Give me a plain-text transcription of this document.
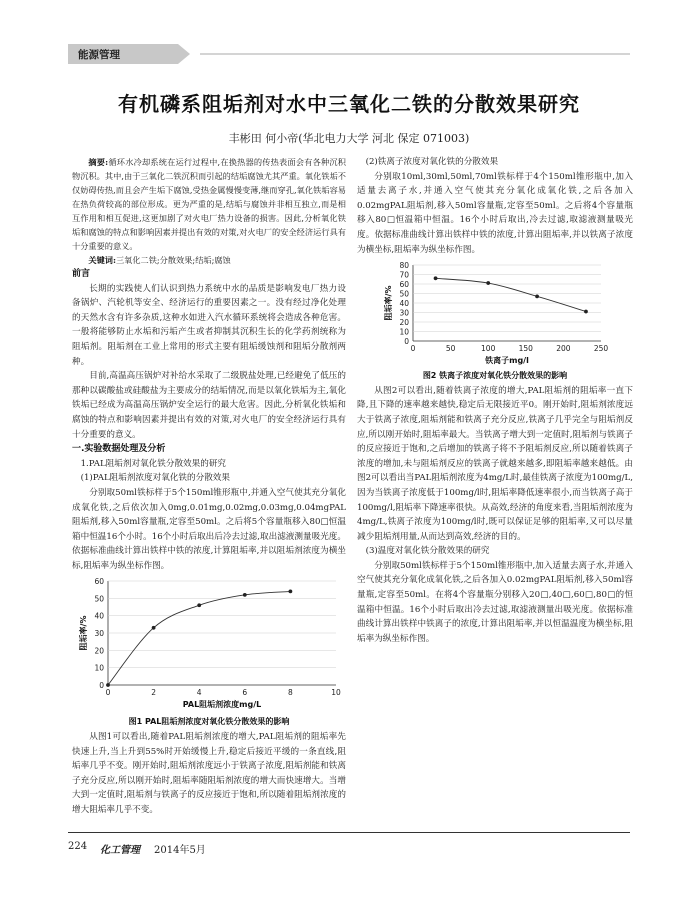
能源管理
有机磷系阻垢剂对水中三氧化二铁的分散效果研究
丰彬田 何小帝(华北电力大学 河北 保定 071003)

摘要:循环水冷却系统在运行过程中,在换热器的传热表面会有各种沉积物沉积。其中,由于三氧化二铁沉积而引起的结垢腐蚀尤其严重。氧化铁垢不仅妨碍传热,而且会产生垢下腐蚀,受热金属慢慢变薄,继而穿孔,氧化铁垢容易在热负荷较高的部位形成。更为严重的是,结垢与腐蚀并非相互独立,而是相互作用和相互促进,这更加剧了对火电厂热力设备的损害。因此,分析氧化铁垢和腐蚀的特点和影响因素并提出有效的对策,对火电厂的安全经济运行具有十分重要的意义。

关键词:三氧化二铁;分散效果;结垢;腐蚀

前言

长期的实践使人们认识到热力系统中水的品质是影响发电厂热力设备锅炉、汽轮机等安全、经济运行的重要因素之一。没有经过净化处理的天然水含有许多杂质,这种水如进入汽水循环系统将会造成各种危害。一般将能够防止水垢和污垢产生或者抑制其沉积生长的化学药剂统称为阻垢剂。阻垢剂在工业上常用的形式主要有阻垢缓蚀剂和阻垢分散剂两种。

目前,高温高压锅炉对补给水采取了二级脱盐处理,已经避免了低压的那种以碳酸盐或硅酸盐为主要成分的结垢情况,而是以氧化铁垢为主,氧化铁垢已经成为高温高压锅炉安全运行的最大危害。因此,分析氧化铁垢和腐蚀的特点和影响因素并提出有效的对策,对火电厂的安全经济运行具有十分重要的意义。

一.实验数据处理及分析

1.PAL阻垢剂对氧化铁分散效果的研究

(1)PAL阻垢剂浓度对氧化铁的分散效果

分别取50ml铁标样于5个150ml锥形瓶中,并通入空气使其充分氧化成氧化铁,之后依次加入0mg,0.01mg,0.02mg,0.03mg,0.04mgPAL阻垢剂,移入50ml容量瓶,定容至50ml。之后将5个容量瓶移入80□恒温箱中恒温16个小时。16个小时后取出后冷去过滤,取出滤液测量吸光度。依据标准曲线计算出铁样中铁的浓度,计算阻垢率,并以阻垢剂浓度为横坐标,阻垢率为纵坐标作图。

0
10
20
30
40
50
60
0	2	4	6	8	10
阻垢率/%
PAL阻垢剂浓度mg/L

图1 PAL阻垢剂浓度对氧化铁分散效果的影响

从图1可以看出,随着PAL阻垢剂浓度的增大,PAL阻垢剂的阻垢率先快速上升,当上升到55%时开始缓慢上升,稳定后接近平缓的一条直线,阻垢率几乎不变。刚开始时,阻垢剂浓度远小于铁离子浓度,阻垢剂能和铁离子充分反应,所以刚开始时,阻垢率随阻垢剂浓度的增大而快速增大。当增大到一定值时,阻垢剂与铁离子的反应接近于饱和,所以随着阻垢剂浓度的增大阻垢率几乎不变。

(2)铁离子浓度对氧化铁的分散效果

分别取10ml,30ml,50ml,70ml铁标样于4个150ml锥形瓶中,加入适量去离子水,并通入空气使其充分氧化成氧化铁,之后各加入0.02mgPAL阻垢剂,移入50ml容量瓶,定容至50ml。之后将4个容量瓶移入80□恒温箱中恒温。16个小时后取出,冷去过滤,取滤液测量吸光度。依据标准曲线计算出铁样中铁的浓度,计算出阻垢率,并以铁离子浓度为横坐标,阻垢率为纵坐标作图。

0
10
20
30
40
50
60
70
80
0	50	100	150	200	250
阻垢率/%
铁离子mg/l

图2 铁离子浓度对氧化铁分散效果的影响

从图2可以看出,随着铁离子浓度的增大,PAL阻垢剂的阻垢率一直下降,且下降的速率越来越快,稳定后无限接近平0。刚开始时,阻垢剂浓度远大于铁离子浓度,阻垢剂能和铁离子充分反应,铁离子几乎完全与阻垢剂反应,所以刚开始时,阻垢率最大。当铁离子增大到一定值时,阻垢剂与铁离子的反应接近于饱和,之后增加的铁离子将不予阻垢剂反应,所以随着铁离子浓度的增加,未与阻垢剂反应的铁离子就越来越多,即阻垢率越来越低。由图2可以看出当PAL阻垢剂浓度为4mg/L时,最佳铁离子浓度为100mg/L,因为当铁离子浓度低于100mg/l时,阻垢率降低速率很小,而当铁离子高于100mg/l,阻垢率下降速率很快。从高效,经济的角度来看,当阻垢剂浓度为4mg/L,铁离子浓度为100mg/l时,既可以保证足够的阻垢率,又可以尽量减少阻垢剂用量,从而达到高效,经济的目的。

(3)温度对氧化铁分散效果的研究

分别取50ml铁标样于5个150ml锥形瓶中,加入适量去离子水,并通入空气使其充分氧化成氧化铁,之后各加入0.02mgPAL阻垢剂,移入50ml容量瓶,定容至50ml。在将4个容量瓶分别移入20□,40□,60□,80□的恒温箱中恒温。16个小时后取出冷去过滤,取滤液测量出吸光度。依据标准曲线计算出铁样中铁离子的浓度,计算出阻垢率,并以恒温温度为横坐标,阻垢率为纵坐标作图。

224 化工管理 2014年5月
